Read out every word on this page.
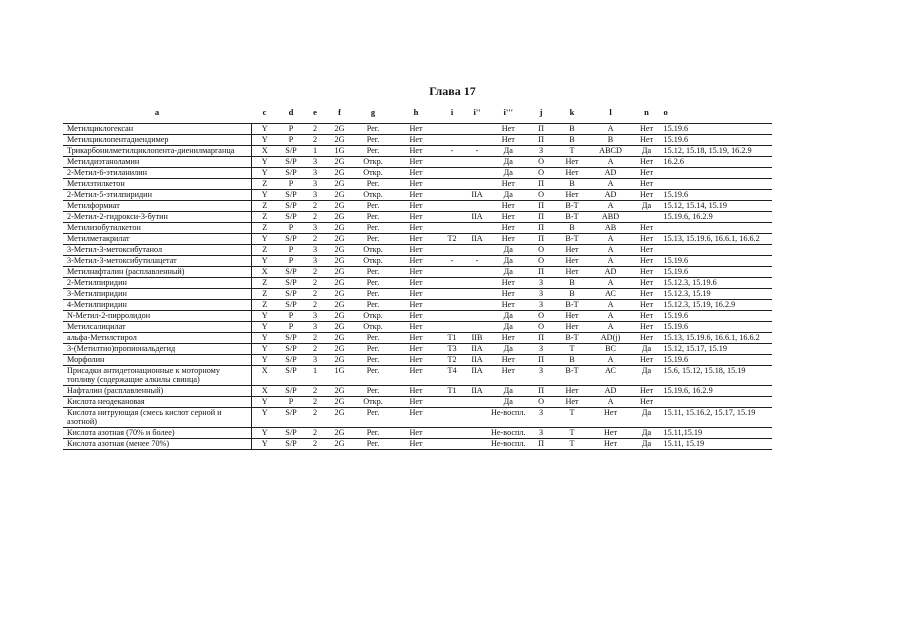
Глава 17
a	c	d	e	f	g	h	i	i''	i'''	j	k	l	n	o
Метилциклогексан	Y	P	2	2G	Рег.	Нет			Нет	П	В	А	Нет	15.19.6
Метилциклопентадиендимер	Y	P	2	2G	Рег.	Нет			Нет	П	В	В	Нет	15.19.6
Трикарбонилметилциклопента-диенилмарганца	X	S/P	1	1G	Рег.	Нет	-	-	Да	З	Т	ABCD	Да	15.12, 15.18, 15.19, 16.2.9
Метилдиэтаноламин	Y	S/P	3	2G	Откр.	Нет			Да	О	Нет	А	Нет	16.2.6
2-Метил-6-этиланилин	Y	S/P	3	2G	Откр.	Нет			Да	О	Нет	AD	Нет	
Метилэтилкетон	Z	P	3	2G	Рег.	Нет			Нет	П	В	А	Нет	
2-Метил-5-этилпиридин	Y	S/P	3	2G	Откр.	Нет		IIA	Да	О	Нет	AD	Нет	15.19.6
Метилформиат	Z	S/P	2	2G	Рег.	Нет			Нет	П	В-Т	А	Да	15.12, 15.14, 15.19
2-Метил-2-гидрокси-3-бутин	Z	S/P	2	2G	Рег.	Нет		IIA	Нет	П	В-Т	ABD		15.19.6, 16.2.9
Метилизобутилкетон	Z	P	3	2G	Рег.	Нет			Нет	П	В	АВ	Нет	
Метилметакрилат	Y	S/P	2	2G	Рег.	Нет	T2	IIA	Нет	П	В-Т	А	Нет	15.13, 15.19.6, 16.6.1, 16.6.2
3-Метил-3-метоксибутанол	Z	P	3	2G	Откр.	Нет			Да	О	Нет	А	Нет	
3-Метил-3-метоксибутилацетат	Y	P	3	2G	Откр.	Нет	-	-	Да	О	Нет	А	Нет	15.19.6
Метилнафталин (расплавленный)	X	S/P	2	2G	Рег.	Нет			Да	П	Нет	AD	Нет	15.19.6
2-Метилпиридин	Z	S/P	2	2G	Рег.	Нет			Нет	З	В	А	Нет	15.12.3, 15.19.6
3-Метилпиридин	Z	S/P	2	2G	Рег.	Нет			Нет	З	В	АС	Нет	15.12.3, 15.19
4-Метилпиридин	Z	S/P	2	2G	Рег.	Нет			Нет	З	В-Т	А	Нет	15.12.3, 15.19, 16.2.9
N-Метил-2-пирролидон	Y	P	3	2G	Откр.	Нет			Да	О	Нет	А	Нет	15.19.6
Метилсалицилат	Y	P	3	2G	Откр.	Нет			Да	О	Нет	А	Нет	15.19.6
альфа-Метилстирол	Y	S/P	2	2G	Рег.	Нет	T1	IIB	Нет	П	В-Т	AD(j)	Нет	15.13, 15.19.6, 16.6.1, 16.6.2
3-(Метилтио)пропиональдегид	Y	S/P	2	2G	Рег.	Нет	T3	IIA	Да	З	Т	ВС	Да	15.12, 15.17, 15.19
Морфолин	Y	S/P	3	2G	Рег.	Нет	T2	IIA	Нет	П	В	А	Нет	15.19.6
Присадки антидетонационные к моторному топливу (содержащие алкилы свинца)	X	S/P	1	1G	Рег.	Нет	T4	IIA	Нет	З	В-Т	АС	Да	15.6, 15.12, 15.18, 15.19
Нафталин (расплавленный)	X	S/P	2	2G	Рег.	Нет	T1	IIA	Да	П	Нет	AD	Нет	15.19.6, 16.2.9
Кислота неодекановая	Y	P	2	2G	Откр.	Нет			Да	О	Нет	А	Нет	
Кислота нитрующая (смесь кислот серной и азотной)	Y	S/P	2	2G	Рег.	Нет			Не-воспл.	З	Т	Нет	Да	15.11, 15.16.2, 15.17, 15.19
Кислота азотная (70% и более)	Y	S/P	2	2G	Рег.	Нет			Не-воспл.	З	Т	Нет	Да	15.11,15.19
Кислота азотная (менее 70%)	Y	S/P	2	2G	Рег.	Нет			Не-воспл.	П	Т	Нет	Да	15.11, 15.19
